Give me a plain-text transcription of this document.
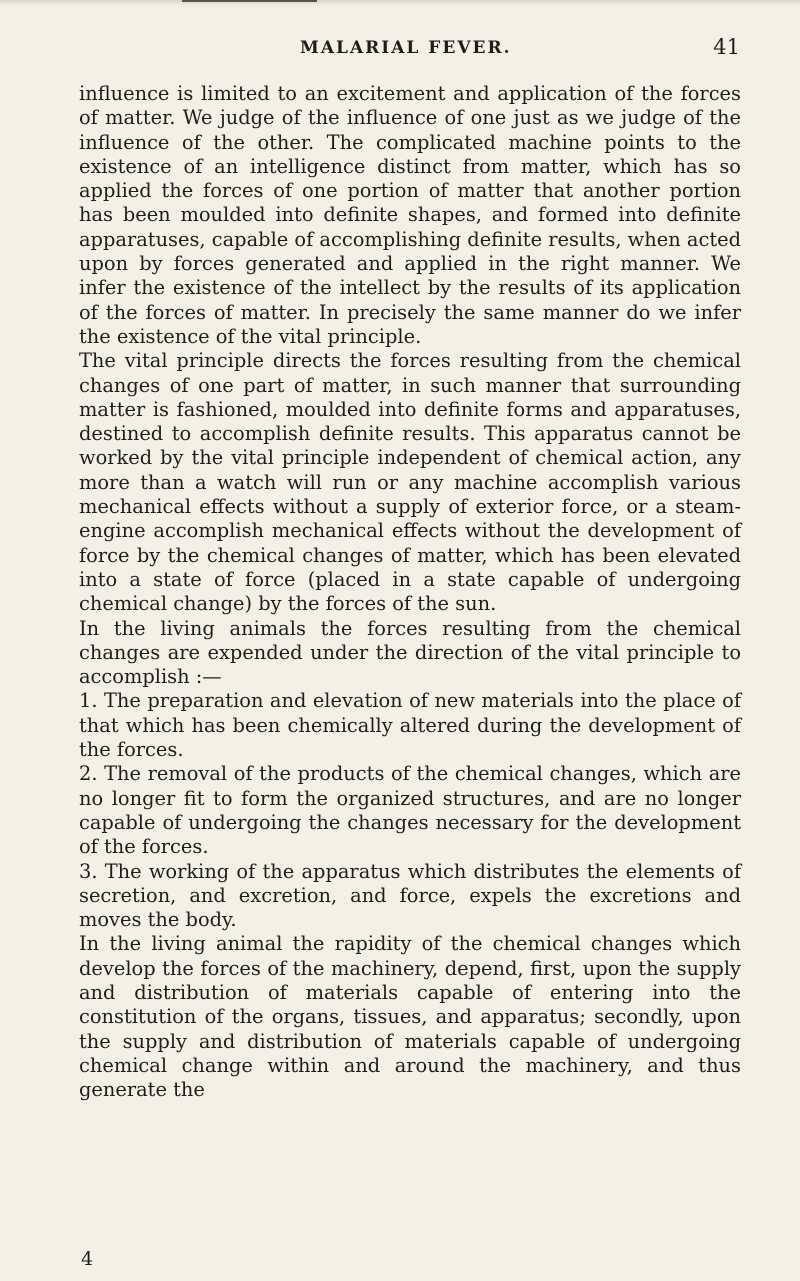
MALARIAL FEVER.	41

influence is limited to an excitement and application of the forces of matter. We judge of the influence of one just as we judge of the influence of the other. The complicated machine points to the existence of an intelligence distinct from matter, which has so applied the forces of one portion of matter that another portion has been moulded into definite shapes, and formed into definite apparatuses, capable of accomplishing definite results, when acted upon by forces generated and applied in the right manner. We infer the existence of the intellect by the results of its application of the forces of matter. In precisely the same manner do we infer the existence of the vital principle.

The vital principle directs the forces resulting from the chemical changes of one part of matter, in such manner that surrounding matter is fashioned, moulded into definite forms and apparatuses, destined to accomplish definite results. This apparatus cannot be worked by the vital principle independent of chemical action, any more than a watch will run or any machine accomplish various mechanical effects without a supply of exterior force, or a steam-engine accomplish mechanical effects without the development of force by the chemical changes of matter, which has been elevated into a state of force (placed in a state capable of undergoing chemical change) by the forces of the sun.

In the living animals the forces resulting from the chemical changes are expended under the direction of the vital principle to accomplish :—

1. The preparation and elevation of new materials into the place of that which has been chemically altered during the development of the forces.

2. The removal of the products of the chemical changes, which are no longer fit to form the organized structures, and are no longer capable of undergoing the changes necessary for the development of the forces.

3. The working of the apparatus which distributes the elements of secretion, and excretion, and force, expels the excretions and moves the body.

In the living animal the rapidity of the chemical changes which develop the forces of the machinery, depend, first, upon the supply and distribution of materials capable of entering into the constitution of the organs, tissues, and apparatus; secondly, upon the supply and distribution of materials capable of undergoing chemical change within and around the machinery, and thus generate the

4
